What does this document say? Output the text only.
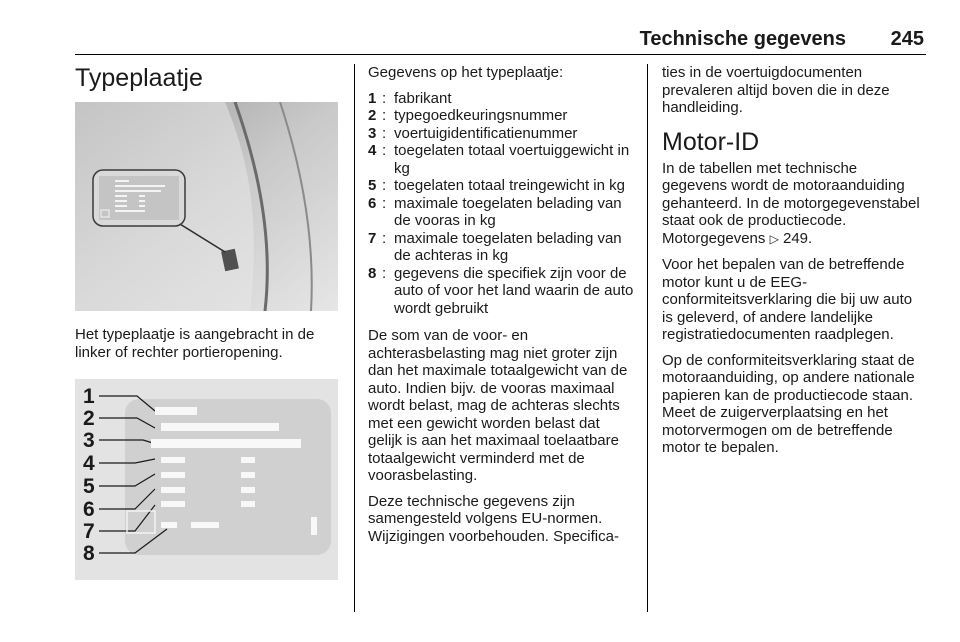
Technische gegevens 245
Typeplaatje
Het typeplaatje is aangebracht in de linker of rechter portieropening.
1
2
3
4
5
6
7
8

Gegevens op het typeplaatje:

1 : fabrikant
2 : typegoedkeuringsnummer
3 : voertuigidentificatienummer
4 : toegelaten totaal voertuiggewicht in kg
5 : toegelaten totaal treingewicht in kg
6 : maximale toegelaten belading van de vooras in kg
7 : maximale toegelaten belading van de achteras in kg
8 : gegevens die specifiek zijn voor de auto of voor het land waarin de auto wordt gebruikt

De som van de voor- en achterasbelasting mag niet groter zijn dan het maximale totaalgewicht van de auto. Indien bijv. de vooras maximaal wordt belast, mag de achteras slechts met een gewicht worden belast dat gelijk is aan het maximaal toelaatbare totaalgewicht verminderd met de voorasbelasting.

Deze technische gegevens zijn samengesteld volgens EU-normen. Wijzigingen voorbehouden. Specifica-

ties in de voertuigdocumenten prevaleren altijd boven die in deze handleiding.

Motor-ID

In de tabellen met technische gegevens wordt de motoraanduiding gehanteerd. In de motorgegevenstabel staat ook de productiecode. Motorgegevens ▷ 249.

Voor het bepalen van de betreffende motor kunt u de EEG-conformiteitsverklaring die bij uw auto is geleverd, of andere landelijke registratiedocumenten raadplegen.

Op de conformiteitsverklaring staat de motoraanduiding, op andere nationale papieren kan de productiecode staan. Meet de zuigerverplaatsing en het motorvermogen om de betreffende motor te bepalen.
